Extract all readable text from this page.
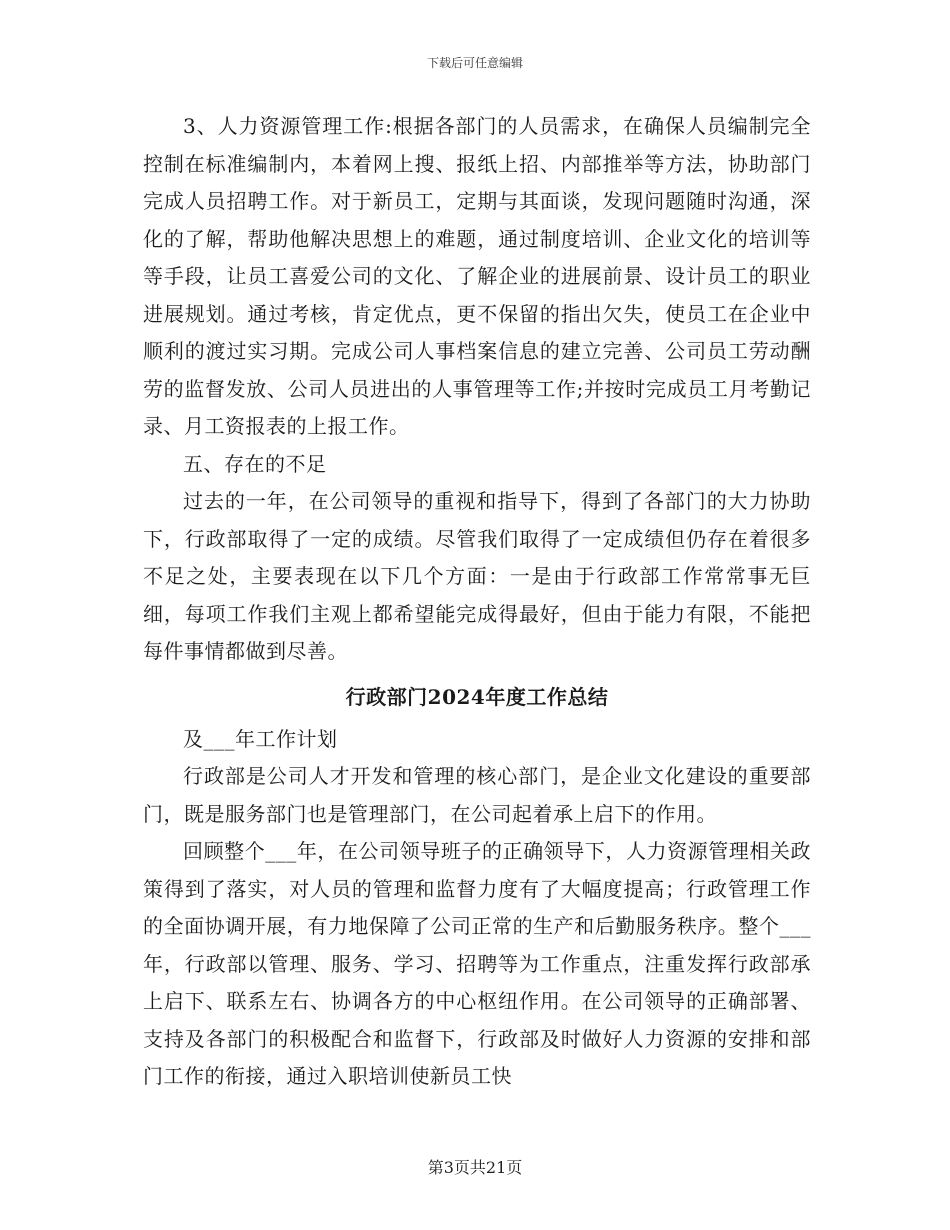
下载后可任意编辑

3、人力资源管理工作:根据各部门的人员需求，在确保人员编制完全控制在标准编制内，本着网上搜、报纸上招、内部推举等方法，协助部门完成人员招聘工作。对于新员工，定期与其面谈，发现问题随时沟通，深化的了解，帮助他解决思想上的难题，通过制度培训、企业文化的培训等等手段，让员工喜爱公司的文化、了解企业的进展前景、设计员工的职业进展规划。通过考核，肯定优点，更不保留的指出欠失，使员工在企业中顺利的渡过实习期。完成公司人事档案信息的建立完善、公司员工劳动酬劳的监督发放、公司人员进出的人事管理等工作;并按时完成员工月考勤记录、月工资报表的上报工作。

五、存在的不足

过去的一年，在公司领导的重视和指导下，得到了各部门的大力协助下，行政部取得了一定的成绩。尽管我们取得了一定成绩但仍存在着很多不足之处，主要表现在以下几个方面：一是由于行政部工作常常事无巨细，每项工作我们主观上都希望能完成得最好，但由于能力有限，不能把每件事情都做到尽善。

行政部门2024年度工作总结

及___年工作计划

行政部是公司人才开发和管理的核心部门，是企业文化建设的重要部门，既是服务部门也是管理部门，在公司起着承上启下的作用。

回顾整个___年，在公司领导班子的正确领导下，人力资源管理相关政策得到了落实，对人员的管理和监督力度有了大幅度提高；行政管理工作的全面协调开展，有力地保障了公司正常的生产和后勤服务秩序。整个___年，行政部以管理、服务、学习、招聘等为工作重点，注重发挥行政部承上启下、联系左右、协调各方的中心枢纽作用。在公司领导的正确部署、支持及各部门的积极配合和监督下，行政部及时做好人力资源的安排和部门工作的衔接，通过入职培训使新员工快

第3页共21页
